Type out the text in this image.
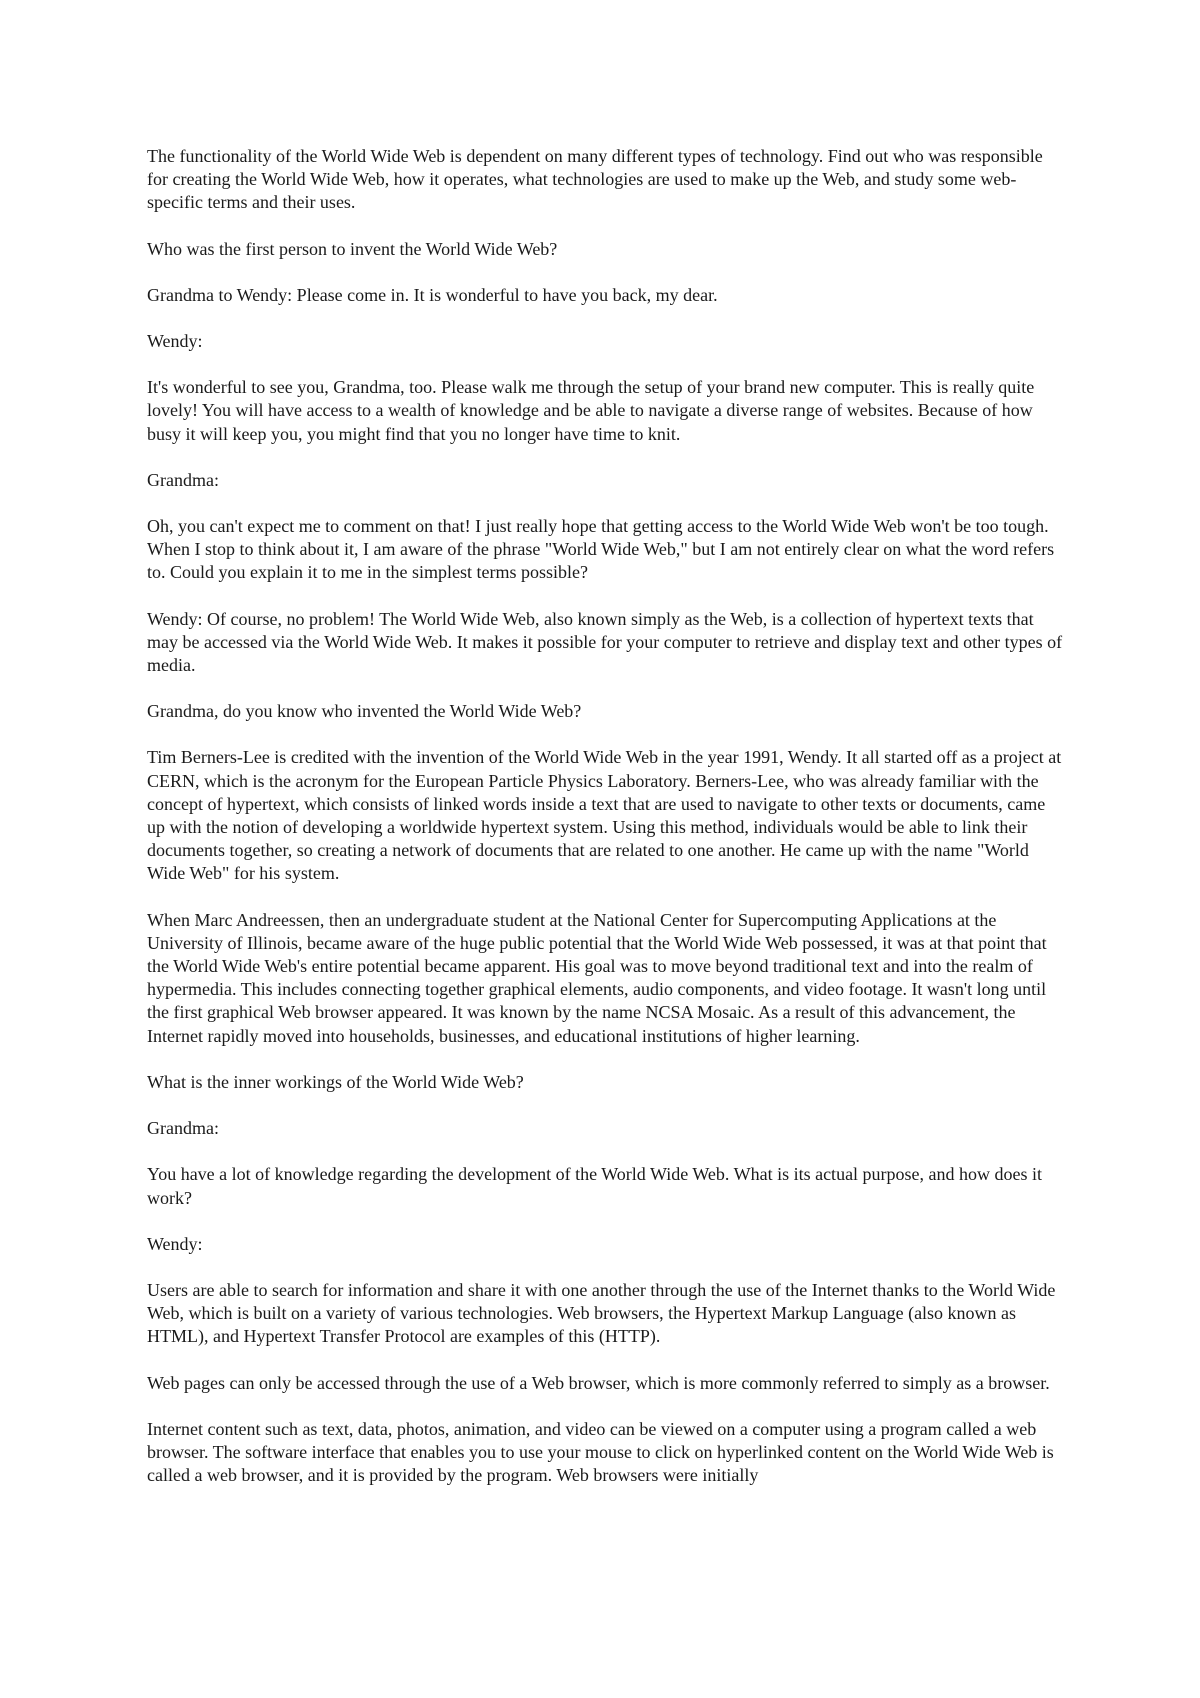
The functionality of the World Wide Web is dependent on many different types of technology. Find out who was responsible for creating the World Wide Web, how it operates, what technologies are used to make up the Web, and study some web-specific terms and their uses.

Who was the first person to invent the World Wide Web?

Grandma to Wendy: Please come in. It is wonderful to have you back, my dear.

Wendy:

It's wonderful to see you, Grandma, too. Please walk me through the setup of your brand new computer. This is really quite lovely! You will have access to a wealth of knowledge and be able to navigate a diverse range of websites. Because of how busy it will keep you, you might find that you no longer have time to knit.

Grandma:

Oh, you can't expect me to comment on that! I just really hope that getting access to the World Wide Web won't be too tough. When I stop to think about it, I am aware of the phrase "World Wide Web," but I am not entirely clear on what the word refers to. Could you explain it to me in the simplest terms possible?

Wendy: Of course, no problem! The World Wide Web, also known simply as the Web, is a collection of hypertext texts that may be accessed via the World Wide Web. It makes it possible for your computer to retrieve and display text and other types of media.

Grandma, do you know who invented the World Wide Web?

Tim Berners-Lee is credited with the invention of the World Wide Web in the year 1991, Wendy. It all started off as a project at CERN, which is the acronym for the European Particle Physics Laboratory. Berners-Lee, who was already familiar with the concept of hypertext, which consists of linked words inside a text that are used to navigate to other texts or documents, came up with the notion of developing a worldwide hypertext system. Using this method, individuals would be able to link their documents together, so creating a network of documents that are related to one another. He came up with the name "World Wide Web" for his system.

When Marc Andreessen, then an undergraduate student at the National Center for Supercomputing Applications at the University of Illinois, became aware of the huge public potential that the World Wide Web possessed, it was at that point that the World Wide Web's entire potential became apparent. His goal was to move beyond traditional text and into the realm of hypermedia. This includes connecting together graphical elements, audio components, and video footage. It wasn't long until the first graphical Web browser appeared. It was known by the name NCSA Mosaic. As a result of this advancement, the Internet rapidly moved into households, businesses, and educational institutions of higher learning.

What is the inner workings of the World Wide Web?

Grandma:

You have a lot of knowledge regarding the development of the World Wide Web. What is its actual purpose, and how does it work?

Wendy:

Users are able to search for information and share it with one another through the use of the Internet thanks to the World Wide Web, which is built on a variety of various technologies. Web browsers, the Hypertext Markup Language (also known as HTML), and Hypertext Transfer Protocol are examples of this (HTTP).

Web pages can only be accessed through the use of a Web browser, which is more commonly referred to simply as a browser.

Internet content such as text, data, photos, animation, and video can be viewed on a computer using a program called a web browser. The software interface that enables you to use your mouse to click on hyperlinked content on the World Wide Web is called a web browser, and it is provided by the program. Web browsers were initially
